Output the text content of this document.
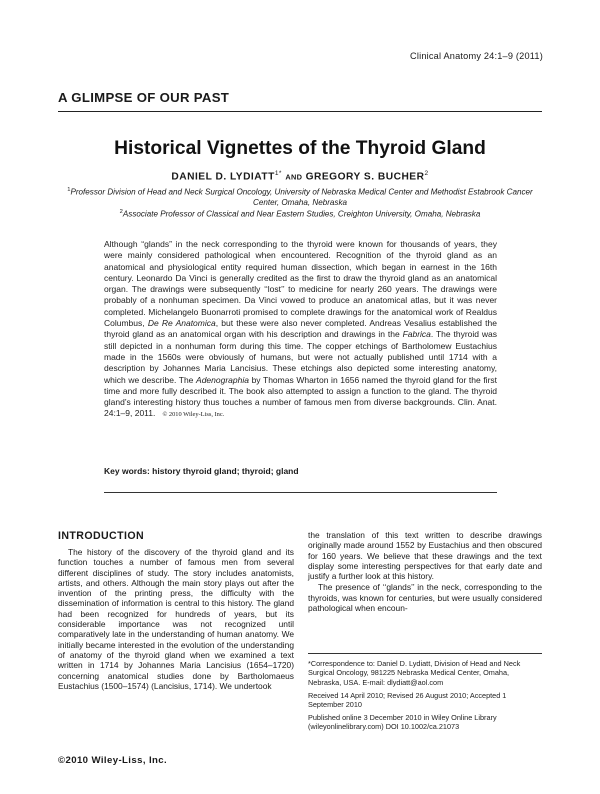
Clinical Anatomy 24:1–9 (2011)
A GLIMPSE OF OUR PAST
Historical Vignettes of the Thyroid Gland
DANIEL D. $LYDIATT^{1*}$ AND GREGORY S. BUCHER$^2$
$^1$Professor Division of Head and Neck Surgical Oncology, University of Nebraska Medical Center and Methodist Estabrook Cancer Center, Omaha, Nebraska
$^2$Associate Professor of Classical and Near Eastern Studies, Creighton University, Omaha, Nebraska
Although “glands” in the neck corresponding to the thyroid were known for thousands of years, they were mainly considered pathological when encountered. Recognition of the thyroid gland as an anatomical and physiological entity required human dissection, which began in earnest in the 16th century. Leonardo Da Vinci is generally credited as the first to draw the thyroid gland as an anatomical organ. The drawings were subsequently ‘‘lost’’ to medicine for nearly 260 years. The drawings were probably of a nonhuman specimen. Da Vinci vowed to produce an anatomical atlas, but it was never completed. Michelangelo Buonarroti promised to complete drawings for the anatomical work of Realdus Columbus, De Re Anatomica, but these were also never completed. Andreas Vesalius established the thyroid gland as an anatomical organ with his description and drawings in the Fabrica. The thyroid was still depicted in a nonhuman form during this time. The copper etchings of Bartholomew Eustachius made in the 1560s were obviously of humans, but were not actually published until 1714 with a description by Johannes Maria Lancisius. These etchings also depicted some interesting anatomy, which we describe. The Adenographia by Thomas Wharton in 1656 named the thyroid gland for the first time and more fully described it. The book also attempted to assign a function to the gland. The thyroid gland’s interesting history thus touches a number of famous men from diverse backgrounds. Clin. Anat. 24:1–9, 2011. © 2010 Wiley-Liss, Inc.
Key words: history thyroid gland; thyroid; gland
INTRODUCTION
The history of the discovery of the thyroid gland and its function touches a number of famous men from several different disciplines of study. The story includes anatomists, artists, and others. Although the main story plays out after the invention of the printing press, the difficulty with the dissemination of information is central to this history. The gland had been recognized for hundreds of years, but its considerable importance was not recognized until comparatively late in the understanding of human anatomy. We initially became interested in the evolution of the understanding of anatomy of the thyroid gland when we examined a text written in 1714 by Johannes Maria Lancisius (1654–1720) concerning anatomical studies done by Bartholomaeus Eustachius (1500–1574) (Lancisius, 1714). We undertook

the translation of this text written to describe drawings originally made around 1552 by Eustachius and then obscured for 160 years. We believe that these drawings and the text display some interesting perspectives for that early date and justify a further look at this history.

The presence of ‘‘glands’’ in the neck, corresponding to the thyroids, was known for centuries, but were usually considered pathological when encoun-

*Correspondence to: Daniel D. Lydiatt, Division of Head and Neck Surgical Oncology, 981225 Nebraska Medical Center, Omaha, Nebraska, USA. E-mail: dlydiatt@aol.com
Received 14 April 2010; Revised 26 August 2010; Accepted 1 September 2010
Published online 3 December 2010 in Wiley Online Library (wileyonlinelibrary.com) DOI 10.1002/ca.21073
©2010 Wiley-Liss, Inc.
